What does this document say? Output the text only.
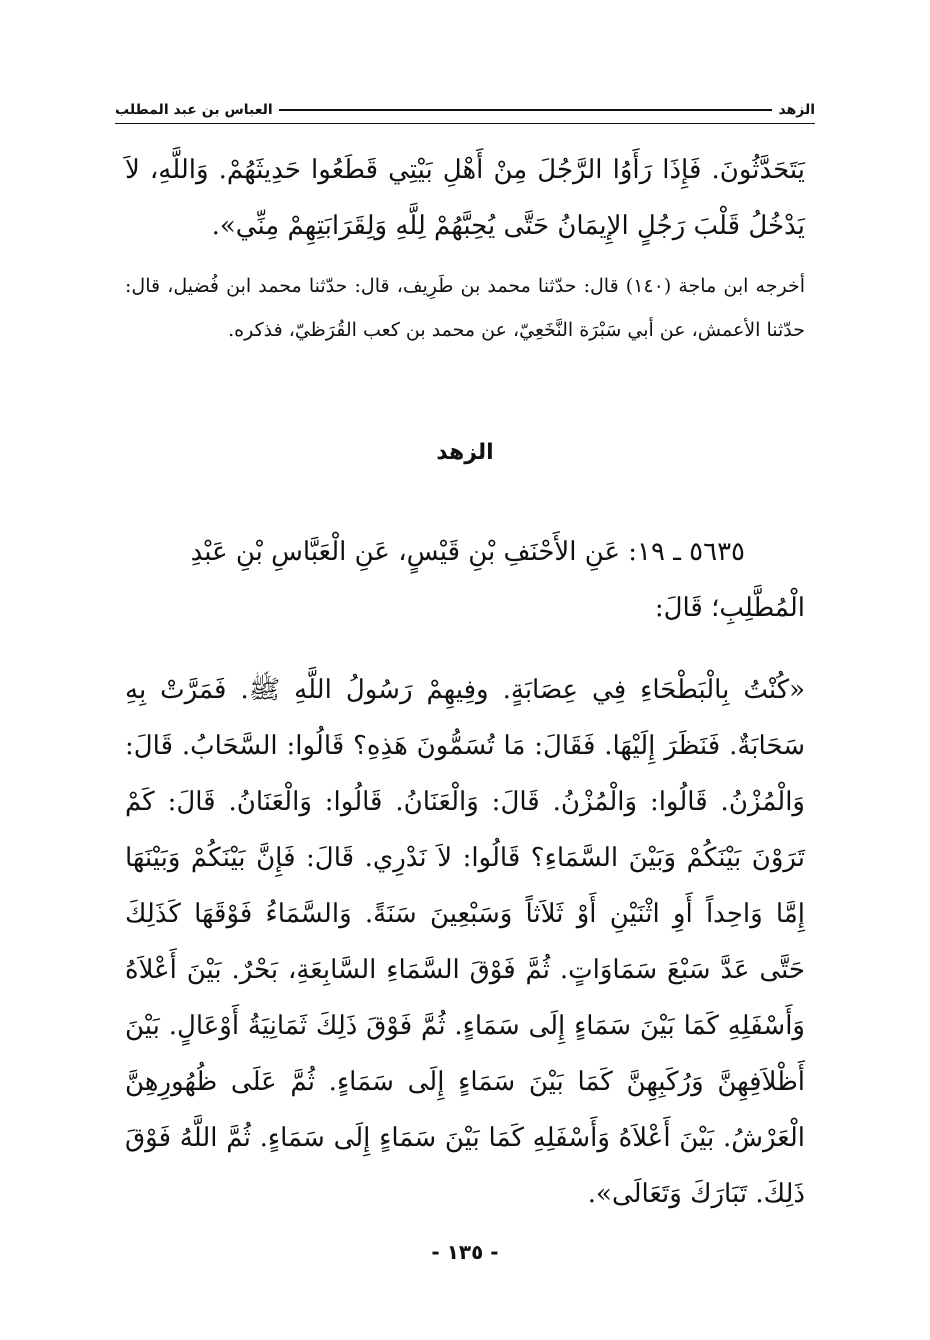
الزهد
العباس بن عبد المطلب

يَتَحَدَّثُونَ. فَإِذَا رَأَوُا الرَّجُلَ مِنْ أَهْلِ بَيْتِي قَطَعُوا حَدِيثَهُمْ. وَاللَّهِ، لاَ يَدْخُلُ قَلْبَ رَجُلٍ الإِيمَانُ حَتَّى يُحِبَّهُمْ لِلَّهِ وَلِقَرَابَتِهِمْ مِنِّي».

أخرجه ابن ماجة (١٤٠) قال: حدّثنا محمد بن طَرِيف، قال: حدّثنا محمد ابن فُضيل، قال: حدّثنا الأعمش، عن أبي سَبْرَة النَّخَعِيّ، عن محمد بن كعب القُرَظيّ، فذكره.

الزهد
٥٦٣٥ ـ ١٩: عَنِ الأَحْنَفِ بْنِ قَيْسٍ، عَنِ الْعَبَّاسِ بْنِ عَبْدِ
الْمُطَّلِبِ؛ قَالَ:

«كُنْتُ بِالْبَطْحَاءِ فِي عِصَابَةٍ. وفِيهِمْ رَسُولُ اللَّهِ ﷺ. فَمَرَّتْ بِهِ سَحَابَةٌ. فَنَظَرَ إِلَيْهَا. فَقَالَ: مَا تُسَمُّونَ هَذِهِ؟ قَالُوا: السَّحَابُ. قَالَ: وَالْمُزْنُ. قَالُوا: وَالْمُزْنُ. قَالَ: وَالْعَنَانُ. قَالُوا: وَالْعَنَانُ. قَالَ: كَمْ تَرَوْنَ بَيْنَكُمْ وَبَيْنَ السَّمَاءِ؟ قَالُوا: لاَ نَدْرِي. قَالَ: فَإِنَّ بَيْنَكُمْ وَبَيْنَهَا إِمَّا وَاحِداً أَوِ اثْنَيْنِ أَوْ ثَلاَثاً وَسَبْعِينَ سَنَةً. وَالسَّمَاءُ فَوْقَهَا كَذَلِكَ حَتَّى عَدَّ سَبْعَ سَمَاوَاتٍ. ثُمَّ فَوْقَ السَّمَاءِ السَّابِعَةِ، بَحْرٌ. بَيْنَ أَعْلاَهُ وَأَسْفَلِهِ كَمَا بَيْنَ سَمَاءٍ إِلَى سَمَاءٍ. ثُمَّ فَوْقَ ذَلِكَ ثَمَانِيَةُ أَوْعَالٍ. بَيْنَ أَظْلاَفِهِنَّ وَرُكَبِهِنَّ كَمَا بَيْنَ سَمَاءٍ إِلَى سَمَاءٍ. ثُمَّ عَلَى ظُهُورِهِنَّ الْعَرْشُ. بَيْنَ أَعْلاَهُ وَأَسْفَلِهِ كَمَا بَيْنَ سَمَاءٍ إِلَى سَمَاءٍ. ثُمَّ اللَّهُ فَوْقَ ذَلِكَ. تَبَارَكَ وَتَعَالَى».

- ١٣٥ -
